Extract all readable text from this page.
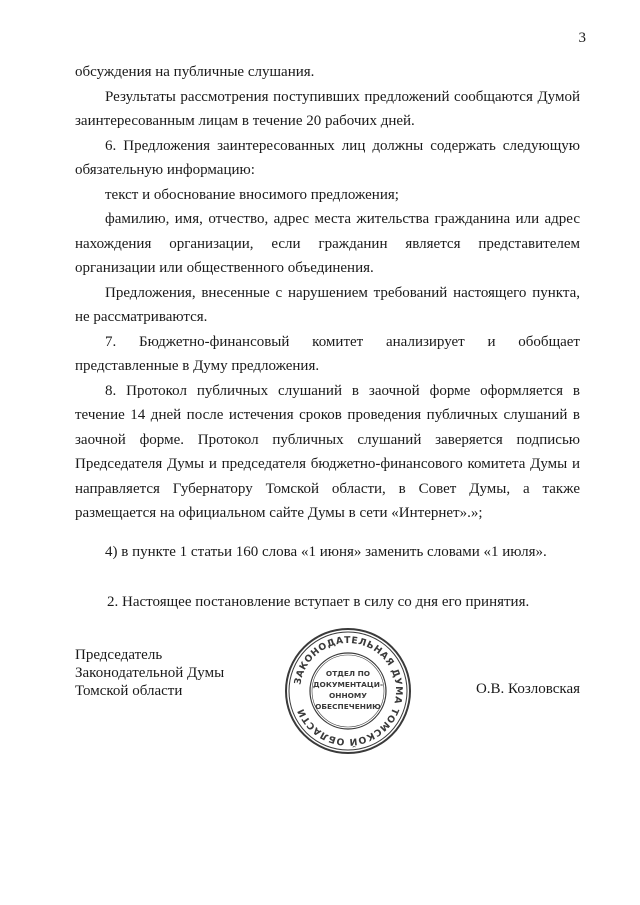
3

обсуждения на публичные слушания.

Результаты рассмотрения поступивших предложений сообщаются Думой заинтересованным лицам в течение 20 рабочих дней.

6. Предложения заинтересованных лиц должны содержать следующую обязательную информацию:

текст и обоснование вносимого предложения;

фамилию, имя, отчество, адрес места жительства гражданина или адрес нахождения организации, если гражданин является представителем организации или общественного объединения.

Предложения, внесенные с нарушением требований настоящего пункта, не рассматриваются.

7. Бюджетно-финансовый комитет анализирует и обобщает представленные в Думу предложения.

8. Протокол публичных слушаний в заочной форме оформляется в течение 14 дней после истечения сроков проведения публичных слушаний в заочной форме. Протокол публичных слушаний заверяется подписью Председателя Думы и председателя бюджетно-финансового комитета Думы и направляется Губернатору Томской области, в Совет Думы, а также размещается на официальном сайте Думы в сети «Интернет».»;

4) в пункте 1 статьи 160 слова «1 июня» заменить словами «1 июля».

2. Настоящее постановление вступает в силу со дня его принятия.

Председатель
Законодательной Думы
Томской области	О.В. Козловская
ЗАКОНОДАТЕЛЬНАЯ ДУМА ТОМСКОЙ ОБЛАСТИ
ОТДЕЛ ПО
ДОКУМЕНТАЦИ-
ОННОМУ
ОБЕСПЕЧЕНИЮ
